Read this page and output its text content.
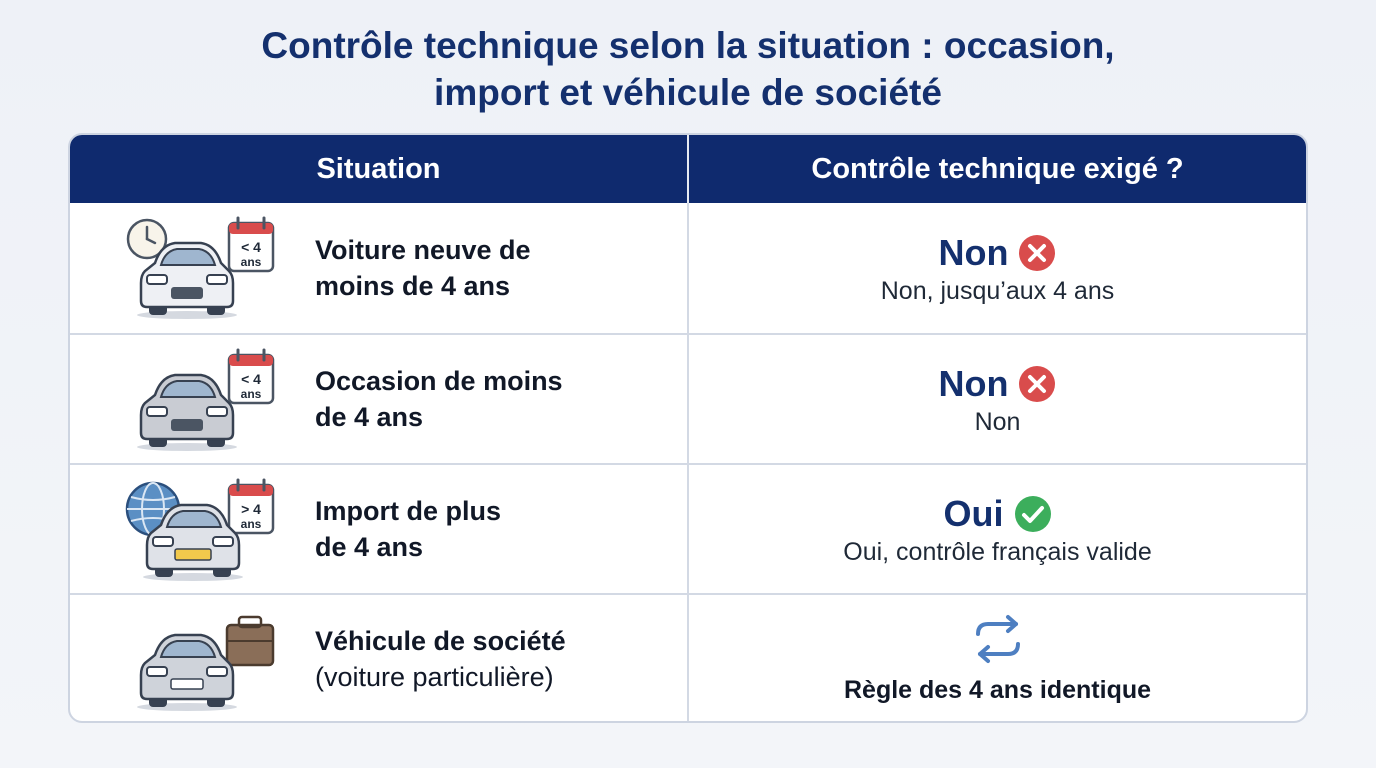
Contrôle technique selon la situation : occasion,
import et véhicule de société
Situation	Contrôle technique exigé ?
< 4
ans Voiture neuve de
moins de 4 ans
Non
Non, jusqu’aux 4 ans
< 4
ans Occasion de moins
de 4 ans
Non
Non
> 4
ans Import de plus
de 4 ans
Oui
Oui, contrôle français valide
Véhicule de société
(voiture particulière)	Règle des 4 ans identique
